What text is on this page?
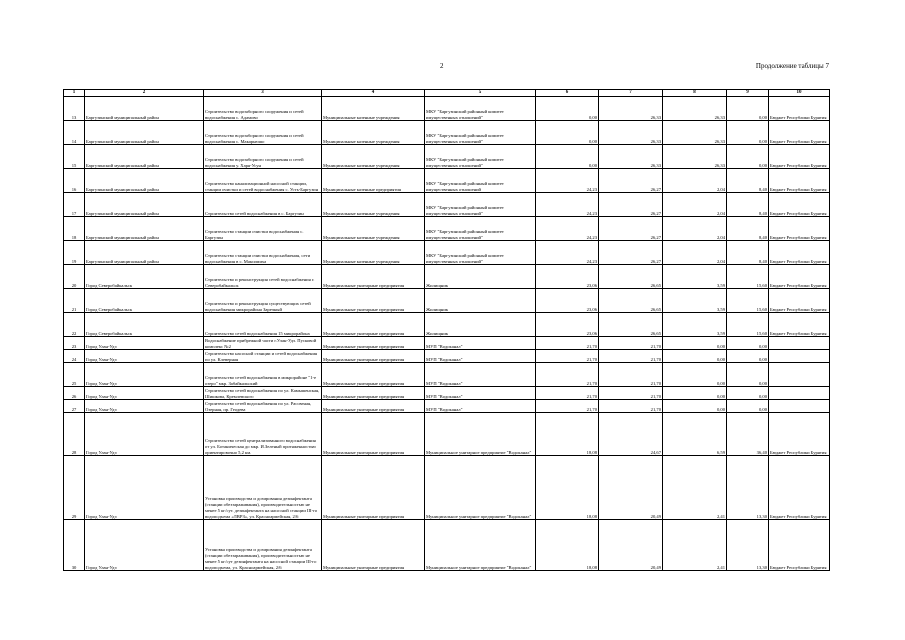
2	Продолжение таблицы 7
1	2	3	4	5	6	7	8	9	10
13	Баргузинский муниципальный район	Строительство водозаборного сооружения и сетей водоснабжения с. Адамово	Муниципальные казенные учреждения	МКУ "Баргузинский районный комитет имущественных отношений"	0,00	26,33	26,33	0,00	Бюджет Республики Бурятия
14	Баргузинский муниципальный район	Строительство водозаборного сооружения и сетей водоснабжения с. Макарьюшо	Муниципальные казенные учреждения	МКУ "Баргузинский районный комитет имущественных отношений"	0,00	26,33	26,33	0,00	Бюджет Республики Бурятия
15	Баргузинский муниципальный район	Строительство водозаборного сооружения и сетей водоснабжения у. Харя-Усун	Муниципальные казенные учреждения	МКУ "Баргузинский районный комитет имущественных отношений"	0,00	26,33	26,33	0,00	Бюджет Республики Бурятия
16	Баргузинский муниципальный район	Строительство канализационной насосной станции, станции очистки и сетей водоснабжения с. Усть-Баргузин	Муниципальные казенные предприятия	МКУ "Баргузинский районный комитет имущественных отношений	24,23	26,27	2,04	8,40	Бюджет Республики Бурятия
17	Баргузинский муниципальный район	Строительство сетей водоснабжения в с. Баргузин	Муниципальные казенные учреждения	МКУ "Баргузинский районный комитет имущественных отношений"	24,23	26,27	2,04	8,40	Бюджет Республики Бурятия
18	Баргузинский муниципальный район	Строительство станции очистки водоснабжения с. Баргузин	Муниципальные казенные учреждения	МКУ "Баргузинский районный комитет имущественных отношений"	24,23	26,27	2,04	8,40	Бюджет Республики Бурятия
19	Баргузинский муниципальный район	Строительство станции очистки водоснабжения, сети водоснабжения в с. Максимиха	Муниципальные казенные учреждения	МКУ "Баргузинский районный комитет имущественных отношений"	24,23	26,27	2,04	8,40	Бюджет Республики Бурятия
20	Город Северобайкальск	Строительство и реконструкция сетей водоснабжения г. Северобайкальск	Муниципальные унитарные предприятия	Жилищник	23,06	26,65	3,59	15,60	Бюджет Республики Бурятия
21	Город Северобайкальск	Строительство и реконструкция существующих сетей водоснабжения микрорайона Заречный	Муниципальные унитарные предприятия	Жилищник	23,06	26,65	3,59	15,60	Бюджет Республики Бурятия
22	Город Северобайкальск	Строительство сетей водоснабжения 15 микрорайона	Муниципальные унитарные предприятия	Жилищник	23,06	26,65	3,59	15,60	Бюджет Республики Бурятия
23	Город Улан-Удэ	Водоснабжение прибрежной части г.Улан-Удэ. Пусковой комплекс №2	Муниципальные унитарные предприятия	МУП "Водоканал"	21,70	21,70	0,00	0,00	
24	Город Улан-Удэ	Строительство насосной станции и сетей водоснабжения по ул. Клеверная	Муниципальные унитарные предприятия	МУП "Водоканал"	21,70	21,70	0,00	0,00	
25	Город Улан-Удэ	Строительство сетей водоснабжения в микрорайоне "1-е озеро" мкр. Забайкальский	Муниципальные унитарные предприятия	МУП "Водоканал"	21,70	21,70	0,00	0,00	
26	Город Улан-Удэ	Строительство сетей водоснабжения по ул. Камышенская, Шишкова, Кремлевского	Муниципальные унитарные предприятия	МУП "Водоканал"	21,70	21,70	0,00	0,00	
27	Город Улан-Удэ	Строительство сетей водоснабжения по ул. Рассвеная, Озерная, пр. Геодева	Муниципальные унитарные предприятия	МУП "Водоканал"	21,70	21,70	0,00	0,00	
28	Город Улан-Удэ	Строительство сетей централизованного водоснабжения от ул. Ботаническая до мкр. И.Зеленый протяженностью ориентировочно 5,2 км.	Муниципальные унитарные предприятия	Муниципальное унитарное предприятие "Водоканал"	18,08	24,67	6,59	36,40	Бюджет Республики Бурятия
29	Город Улан-Удэ	Установка производства и дозирования дезинфектанта (станции обеззараживания), производительностью не менее 5 кг/сут. дезинфектанта на насосной станции III-го водоподъема «ЛВРЗ», ул. Красноармейская, 2/6	Муниципальные унитарные предприятия	Муниципальное унитарное предприятие "Водоканал"	18,08	20,49	2,41	13,30	Бюджет Республики Бурятия
30	Город Улан-Удэ	Установка производства и дозирования дезинфектанта (станции обеззараживания), производительностью не менее 5 кг/сут дезинфектанта на насосной станции III-го водоподъема, ул. Красноармейская, 2/6	Муниципальные унитарные предприятия	Муниципальное унитарное предприятие "Водоканал"	18,08	20,49	2,41	13,30	Бюджет Республики Бурятия
